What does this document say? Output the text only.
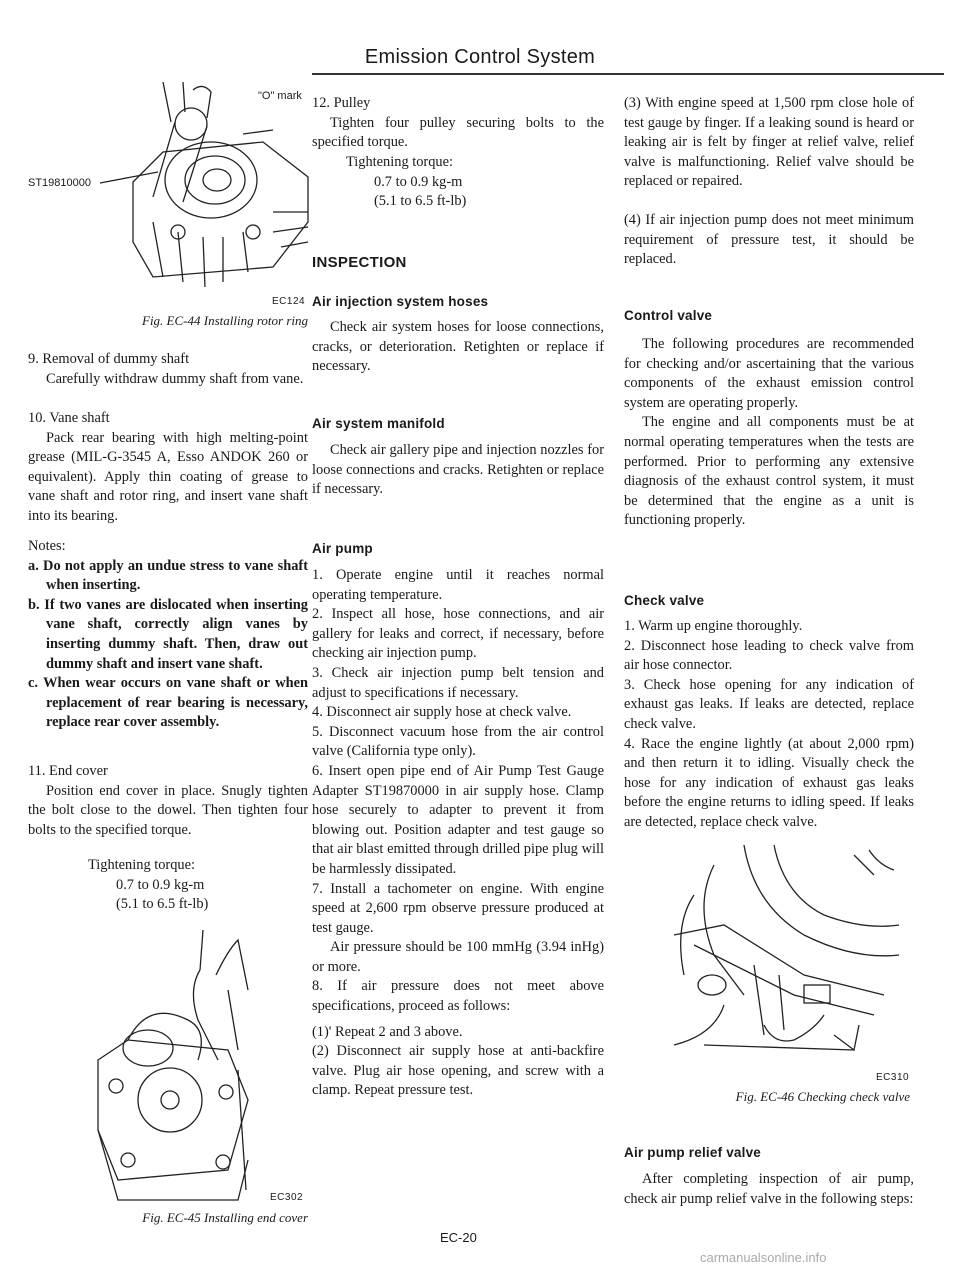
Emission Control System
"O" mark
ST19810000
EC124
Fig. EC-44 Installing rotor ring

9. Removal of dummy shaft

Carefully withdraw dummy shaft from vane.

10. Vane shaft

Pack rear bearing with high melting-point grease (MIL-G-3545 A, Esso ANDOK 260 or equivalent). Apply thin coating of grease to vane shaft and rotor ring, and insert vane shaft into its bearing.

Notes:

a. Do not apply an undue stress to vane shaft when inserting.

b. If two vanes are dislocated when inserting vane shaft, correctly align vanes by inserting dummy shaft. Then, draw out dummy shaft and insert vane shaft.

c. When wear occurs on vane shaft or when replacement of rear bearing is necessary, replace rear cover assembly.

11. End cover

Position end cover in place. Snugly tighten the bolt close to the dowel. Then tighten four bolts to the specified torque.

Tightening torque:

0.7 to 0.9 kg-m

(5.1 to 6.5 ft-lb)

EC302
Fig. EC-45 Installing end cover

12. Pulley

Tighten four pulley securing bolts to the specified torque.

Tightening torque:

0.7 to 0.9 kg-m

(5.1 to 6.5 ft-lb)

INSPECTION
Air injection system hoses

Check air system hoses for loose connections, cracks, or deterioration. Retighten or replace if necessary.

Air system manifold

Check air gallery pipe and injection nozzles for loose connections and cracks. Retighten or replace if necessary.

Air pump

1. Operate engine until it reaches normal operating temperature.

2. Inspect all hose, hose connections, and air gallery for leaks and correct, if necessary, before checking air injection pump.

3. Check air injection pump belt tension and adjust to specifications if necessary.

4. Disconnect air supply hose at check valve.

5. Disconnect vacuum hose from the air control valve (California type only).

6. Insert open pipe end of Air Pump Test Gauge Adapter ST19870000 in air supply hose. Clamp hose securely to adapter to prevent it from blowing out. Position adapter and test gauge so that air blast emitted through drilled pipe plug will be harmlessly dissipated.

7. Install a tachometer on engine. With engine speed at 2,600 rpm observe pressure produced at test gauge.

Air pressure should be 100 mmHg (3.94 inHg) or more.

8. If air pressure does not meet above specifications, proceed as follows:

(1)' Repeat 2 and 3 above.

(2) Disconnect air supply hose at anti-backfire valve. Plug air hose opening, and screw with a clamp. Repeat pressure test.

(3) With engine speed at 1,500 rpm close hole of test gauge by finger. If a leaking sound is heard or leaking air is felt by finger at relief valve, relief valve is malfunctioning. Relief valve should be replaced or repaired.

(4) If air injection pump does not meet minimum requirement of pressure test, it should be replaced.

Control valve

The following procedures are recommended for checking and/or ascertaining that the various components of the exhaust emission control system are operating properly.

The engine and all components must be at normal operating temperatures when the tests are performed. Prior to performing any extensive diagnosis of the exhaust control system, it must be determined that the engine as a unit is functioning properly.

Check valve

1. Warm up engine thoroughly.

2. Disconnect hose leading to check valve from air hose connector.

3. Check hose opening for any indication of exhaust gas leaks. If leaks are detected, replace check valve.

4. Race the engine lightly (at about 2,000 rpm) and then return it to idling. Visually check the hose for any indication of exhaust gas leaks before the engine returns to idling speed. If leaks are detected, replace check valve.

EC310
Fig. EC-46 Checking check valve
Air pump relief valve

After completing inspection of air pump, check air pump relief valve in the following steps:

EC-20
carmanualsonline.info
